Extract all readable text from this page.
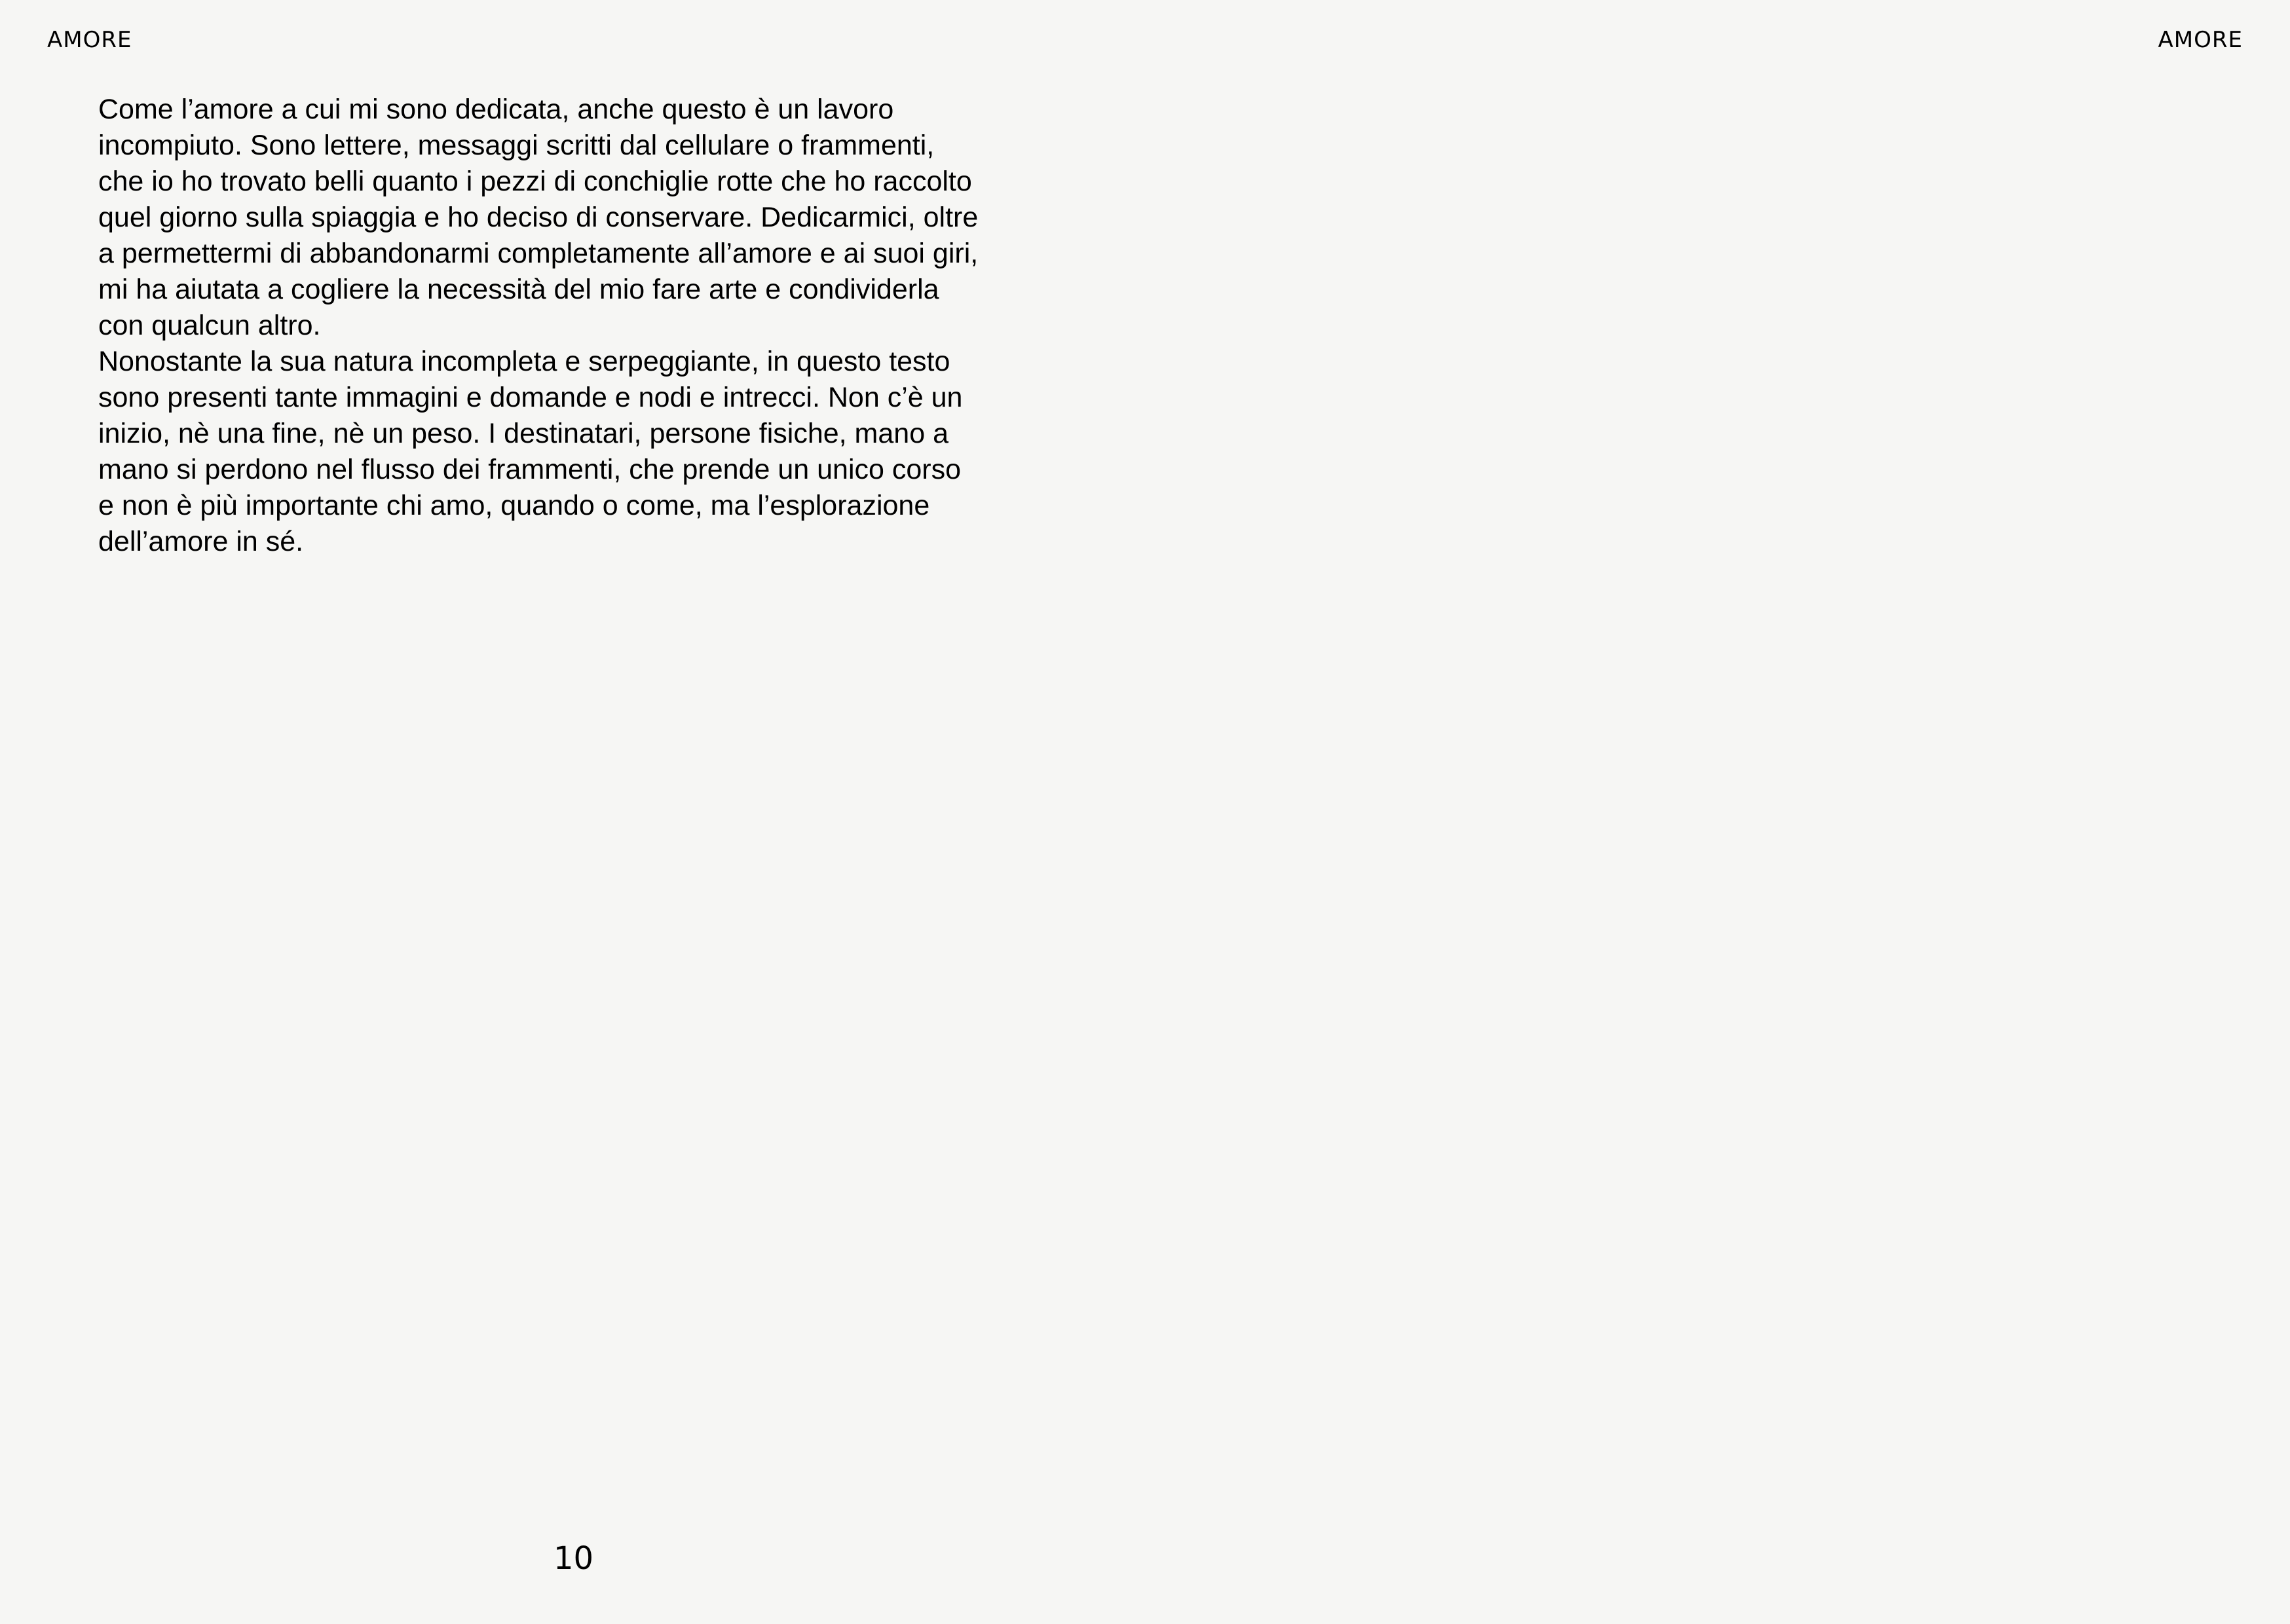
AMORE	AMORE
Come l’amore a cui mi sono dedicata, anche questo è un lavoro
incompiuto. Sono lettere, messaggi scritti dal cellulare o frammenti,
che io ho trovato belli quanto i pezzi di conchiglie rotte che ho raccolto
quel giorno sulla spiaggia e ho deciso di conservare. Dedicarmici, oltre
a permettermi di abbandonarmi completamente all’amore e ai suoi giri,
mi ha aiutata a cogliere la necessità del mio fare arte e condividerla
con qualcun altro.
Nonostante la sua natura incompleta e serpeggiante, in questo testo
sono presenti tante immagini e domande e nodi e intrecci. Non c’è un
inizio, nè una fine, nè un peso. I destinatari, persone fisiche, mano a
mano si perdono nel flusso dei frammenti, che prende un unico corso
e non è più importante chi amo, quando o come, ma l’esplorazione
dell’amore in sé.
10
